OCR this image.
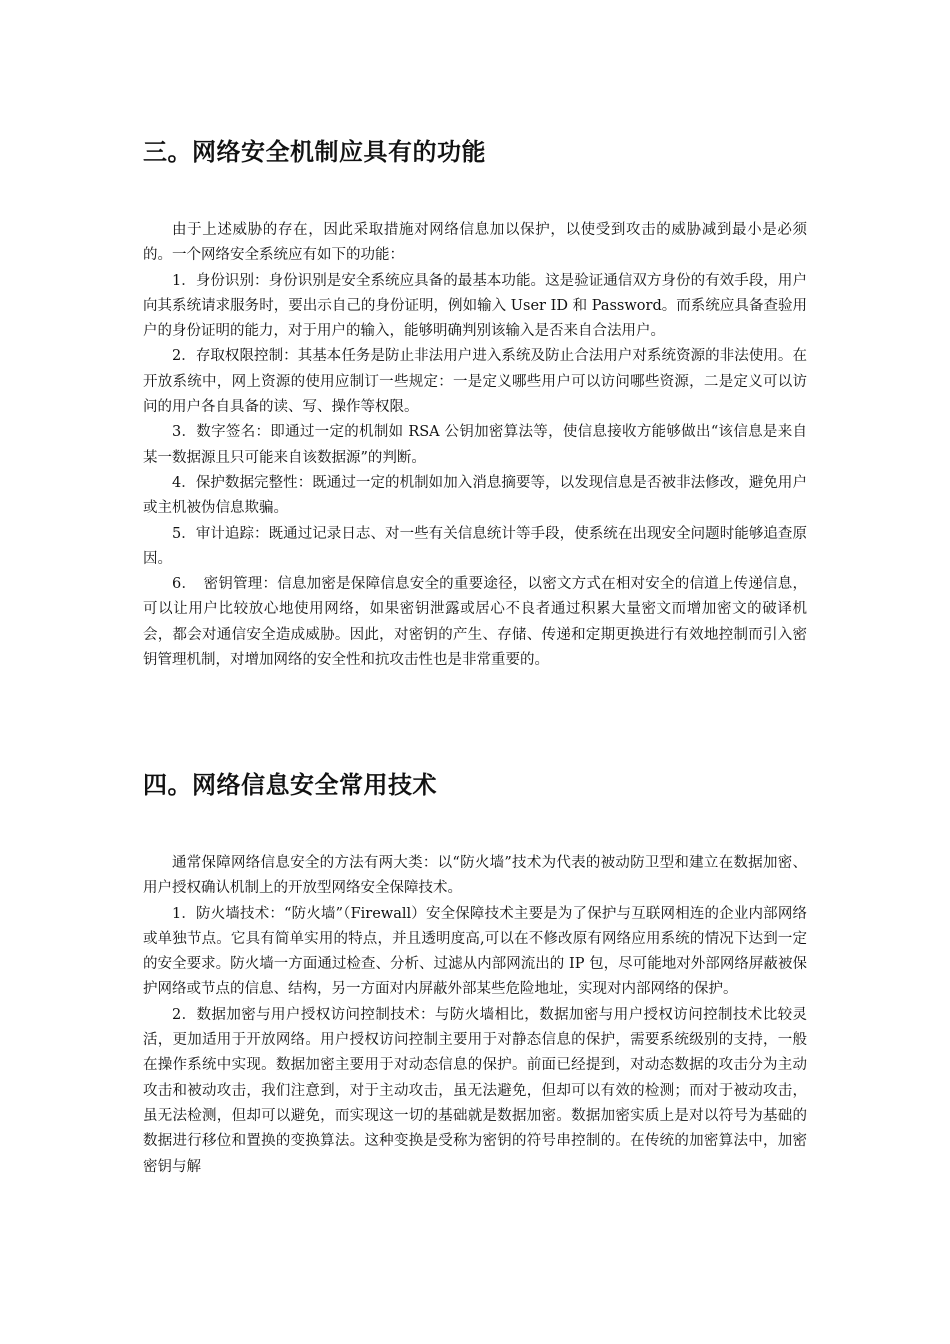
三。网络安全机制应具有的功能

由于上述威胁的存在，因此采取措施对网络信息加以保护，以使受到攻击的威胁减到最小是必须的。一个网络安全系统应有如下的功能：

1．身份识别：身份识别是安全系统应具备的最基本功能。这是验证通信双方身份的有效手段，用户向其系统请求服务时，要出示自己的身份证明，例如输入 User ID 和 Password。而系统应具备查验用户的身份证明的能力，对于用户的输入，能够明确判别该输入是否来自合法用户。

2．存取权限控制：其基本任务是防止非法用户进入系统及防止合法用户对系统资源的非法使用。在开放系统中，网上资源的使用应制订一些规定：一是定义哪些用户可以访问哪些资源，二是定义可以访问的用户各自具备的读、写、操作等权限。

3．数字签名：即通过一定的机制如 RSA 公钥加密算法等，使信息接收方能够做出“该信息是来自某一数据源且只可能来自该数据源”的判断。

4．保护数据完整性：既通过一定的机制如加入消息摘要等，以发现信息是否被非法修改，避免用户或主机被伪信息欺骗。

5．审计追踪：既通过记录日志、对一些有关信息统计等手段，使系统在出现安全问题时能够追查原因。

6．　密钥管理：信息加密是保障信息安全的重要途径，以密文方式在相对安全的信道上传递信息，可以让用户比较放心地使用网络，如果密钥泄露或居心不良者通过积累大量密文而增加密文的破译机会，都会对通信安全造成威胁。因此，对密钥的产生、存储、传递和定期更换进行有效地控制而引入密钥管理机制，对增加网络的安全性和抗攻击性也是非常重要的。

四。网络信息安全常用技术

通常保障网络信息安全的方法有两大类：以“防火墙”技术为代表的被动防卫型和建立在数据加密、用户授权确认机制上的开放型网络安全保障技术。

1．防火墙技术：“防火墙”（Firewall）安全保障技术主要是为了保护与互联网相连的企业内部网络或单独节点。它具有简单实用的特点，并且透明度高,可以在不修改原有网络应用系统的情况下达到一定的安全要求。防火墙一方面通过检查、分析、过滤从内部网流出的 IP 包，尽可能地对外部网络屏蔽被保护网络或节点的信息、结构，另一方面对内屏蔽外部某些危险地址，实现对内部网络的保护。

2．数据加密与用户授权访问控制技术：与防火墙相比，数据加密与用户授权访问控制技术比较灵活，更加适用于开放网络。用户授权访问控制主要用于对静态信息的保护，需要系统级别的支持，一般在操作系统中实现。数据加密主要用于对动态信息的保护。前面已经提到，对动态数据的攻击分为主动攻击和被动攻击，我们注意到，对于主动攻击，虽无法避免，但却可以有效的检测；而对于被动攻击，虽无法检测，但却可以避免，而实现这一切的基础就是数据加密。数据加密实质上是对以符号为基础的数据进行移位和置换的变换算法。这种变换是受称为密钥的符号串控制的。在传统的加密算法中，加密密钥与解
